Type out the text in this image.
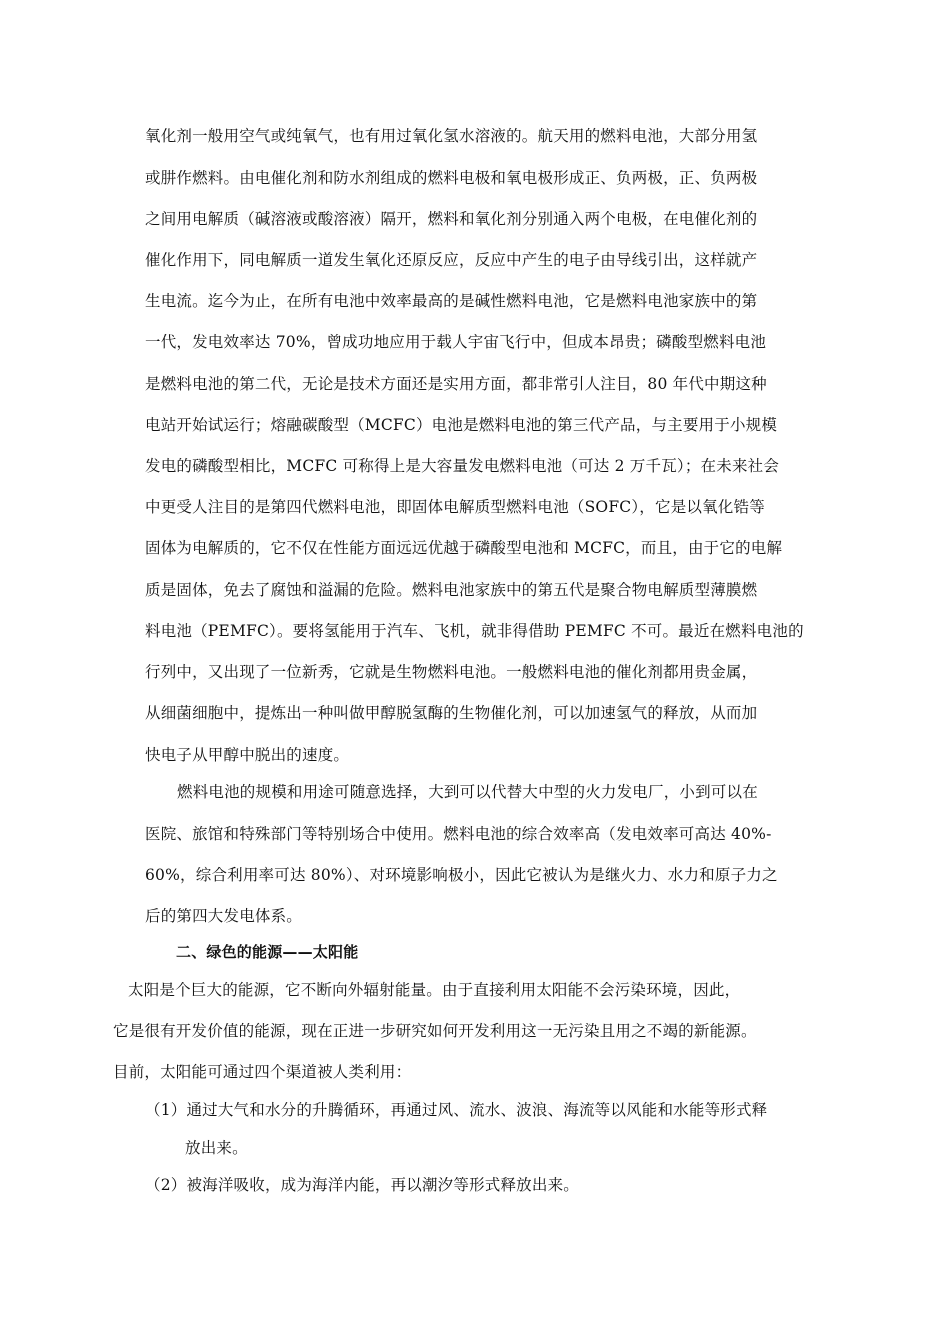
氧化剂一般用空气或纯氧气，也有用过氧化氢水溶液的。航天用的燃料电池，大部分用氢
或肼作燃料。由电催化剂和防水剂组成的燃料电极和氧电极形成正、负两极，正、负两极
之间用电解质（碱溶液或酸溶液）隔开，燃料和氧化剂分别通入两个电极，在电催化剂的
催化作用下，同电解质一道发生氧化还原反应，反应中产生的电子由导线引出，这样就产
生电流。迄今为止，在所有电池中效率最高的是碱性燃料电池，它是燃料电池家族中的第
一代，发电效率达 70%，曾成功地应用于载人宇宙飞行中，但成本昂贵；磷酸型燃料电池
是燃料电池的第二代，无论是技术方面还是实用方面，都非常引人注目，80 年代中期这种
电站开始试运行；熔融碳酸型（MCFC）电池是燃料电池的第三代产品，与主要用于小规模
发电的磷酸型相比，MCFC 可称得上是大容量发电燃料电池（可达 2 万千瓦）；在未来社会
中更受人注目的是第四代燃料电池，即固体电解质型燃料电池（SOFC），它是以氧化锆等
固体为电解质的，它不仅在性能方面远远优越于磷酸型电池和 MCFC，而且，由于它的电解
质是固体，免去了腐蚀和溢漏的危险。燃料电池家族中的第五代是聚合物电解质型薄膜燃
料电池（PEMFC）。要将氢能用于汽车、飞机，就非得借助 PEMFC 不可。最近在燃料电池的
行列中，又出现了一位新秀，它就是生物燃料电池。一般燃料电池的催化剂都用贵金属，
从细菌细胞中，提炼出一种叫做甲醇脱氢酶的生物催化剂，可以加速氢气的释放，从而加
快电子从甲醇中脱出的速度。
燃料电池的规模和用途可随意选择，大到可以代替大中型的火力发电厂，小到可以在
医院、旅馆和特殊部门等特别场合中使用。燃料电池的综合效率高（发电效率可高达 40%-
60%，综合利用率可达 80%）、对环境影响极小，因此它被认为是继火力、水力和原子力之
后的第四大发电体系。
二、绿色的能源——太阳能
太阳是个巨大的能源，它不断向外辐射能量。由于直接利用太阳能不会污染环境，因此，
它是很有开发价值的能源，现在正进一步研究如何开发利用这一无污染且用之不竭的新能源。
目前，太阳能可通过四个渠道被人类利用：
（1）通过大气和水分的升腾循环，再通过风、流水、波浪、海流等以风能和水能等形式释
放出来。
（2）被海洋吸收，成为海洋内能，再以潮汐等形式释放出来。
